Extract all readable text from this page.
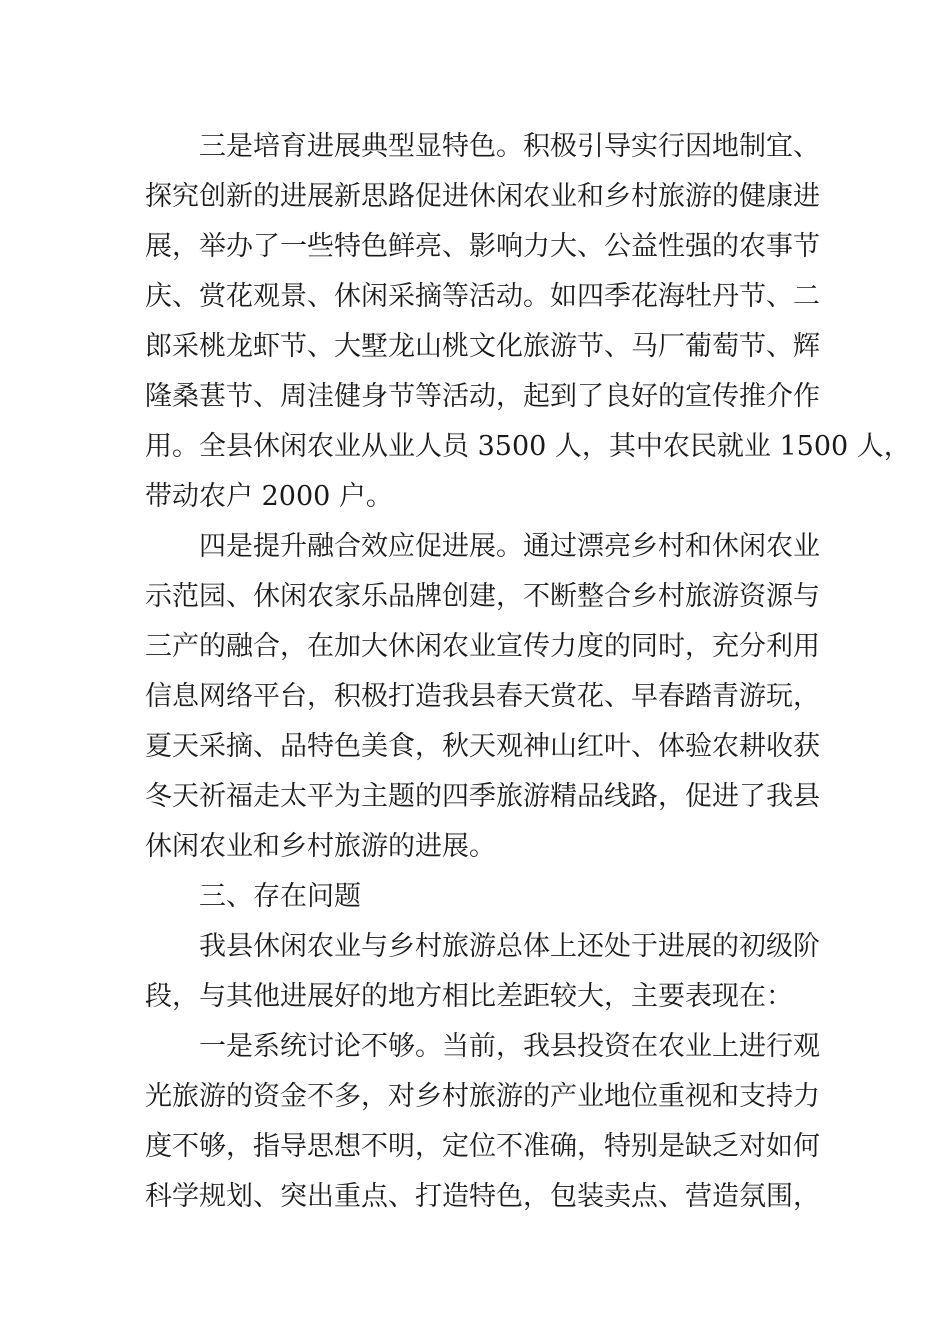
三是培育进展典型显特色。积极引导实行因地制宜、
探究创新的进展新思路促进休闲农业和乡村旅游的健康进
展，举办了一些特色鲜亮、影响力大、公益性强的农事节
庆、赏花观景、休闲采摘等活动。如四季花海牡丹节、二
郎采桃龙虾节、大墅龙山桃文化旅游节、马厂葡萄节、辉
隆桑葚节、周洼健身节等活动，起到了良好的宣传推介作
用。全县休闲农业从业人员 3500 人，其中农民就业 1500 人，
带动农户 2000 户。
四是提升融合效应促进展。通过漂亮乡村和休闲农业
示范园、休闲农家乐品牌创建，不断整合乡村旅游资源与
三产的融合，在加大休闲农业宣传力度的同时，充分利用
信息网络平台，积极打造我县春天赏花、早春踏青游玩，
夏天采摘、品特色美食，秋天观神山红叶、体验农耕收获
冬天祈福走太平为主题的四季旅游精品线路，促进了我县
休闲农业和乡村旅游的进展。
三、存在问题
我县休闲农业与乡村旅游总体上还处于进展的初级阶
段，与其他进展好的地方相比差距较大，主要表现在：
一是系统讨论不够。当前，我县投资在农业上进行观
光旅游的资金不多，对乡村旅游的产业地位重视和支持力
度不够，指导思想不明，定位不准确，特别是缺乏对如何
科学规划、突出重点、打造特色，包装卖点、营造氛围，
